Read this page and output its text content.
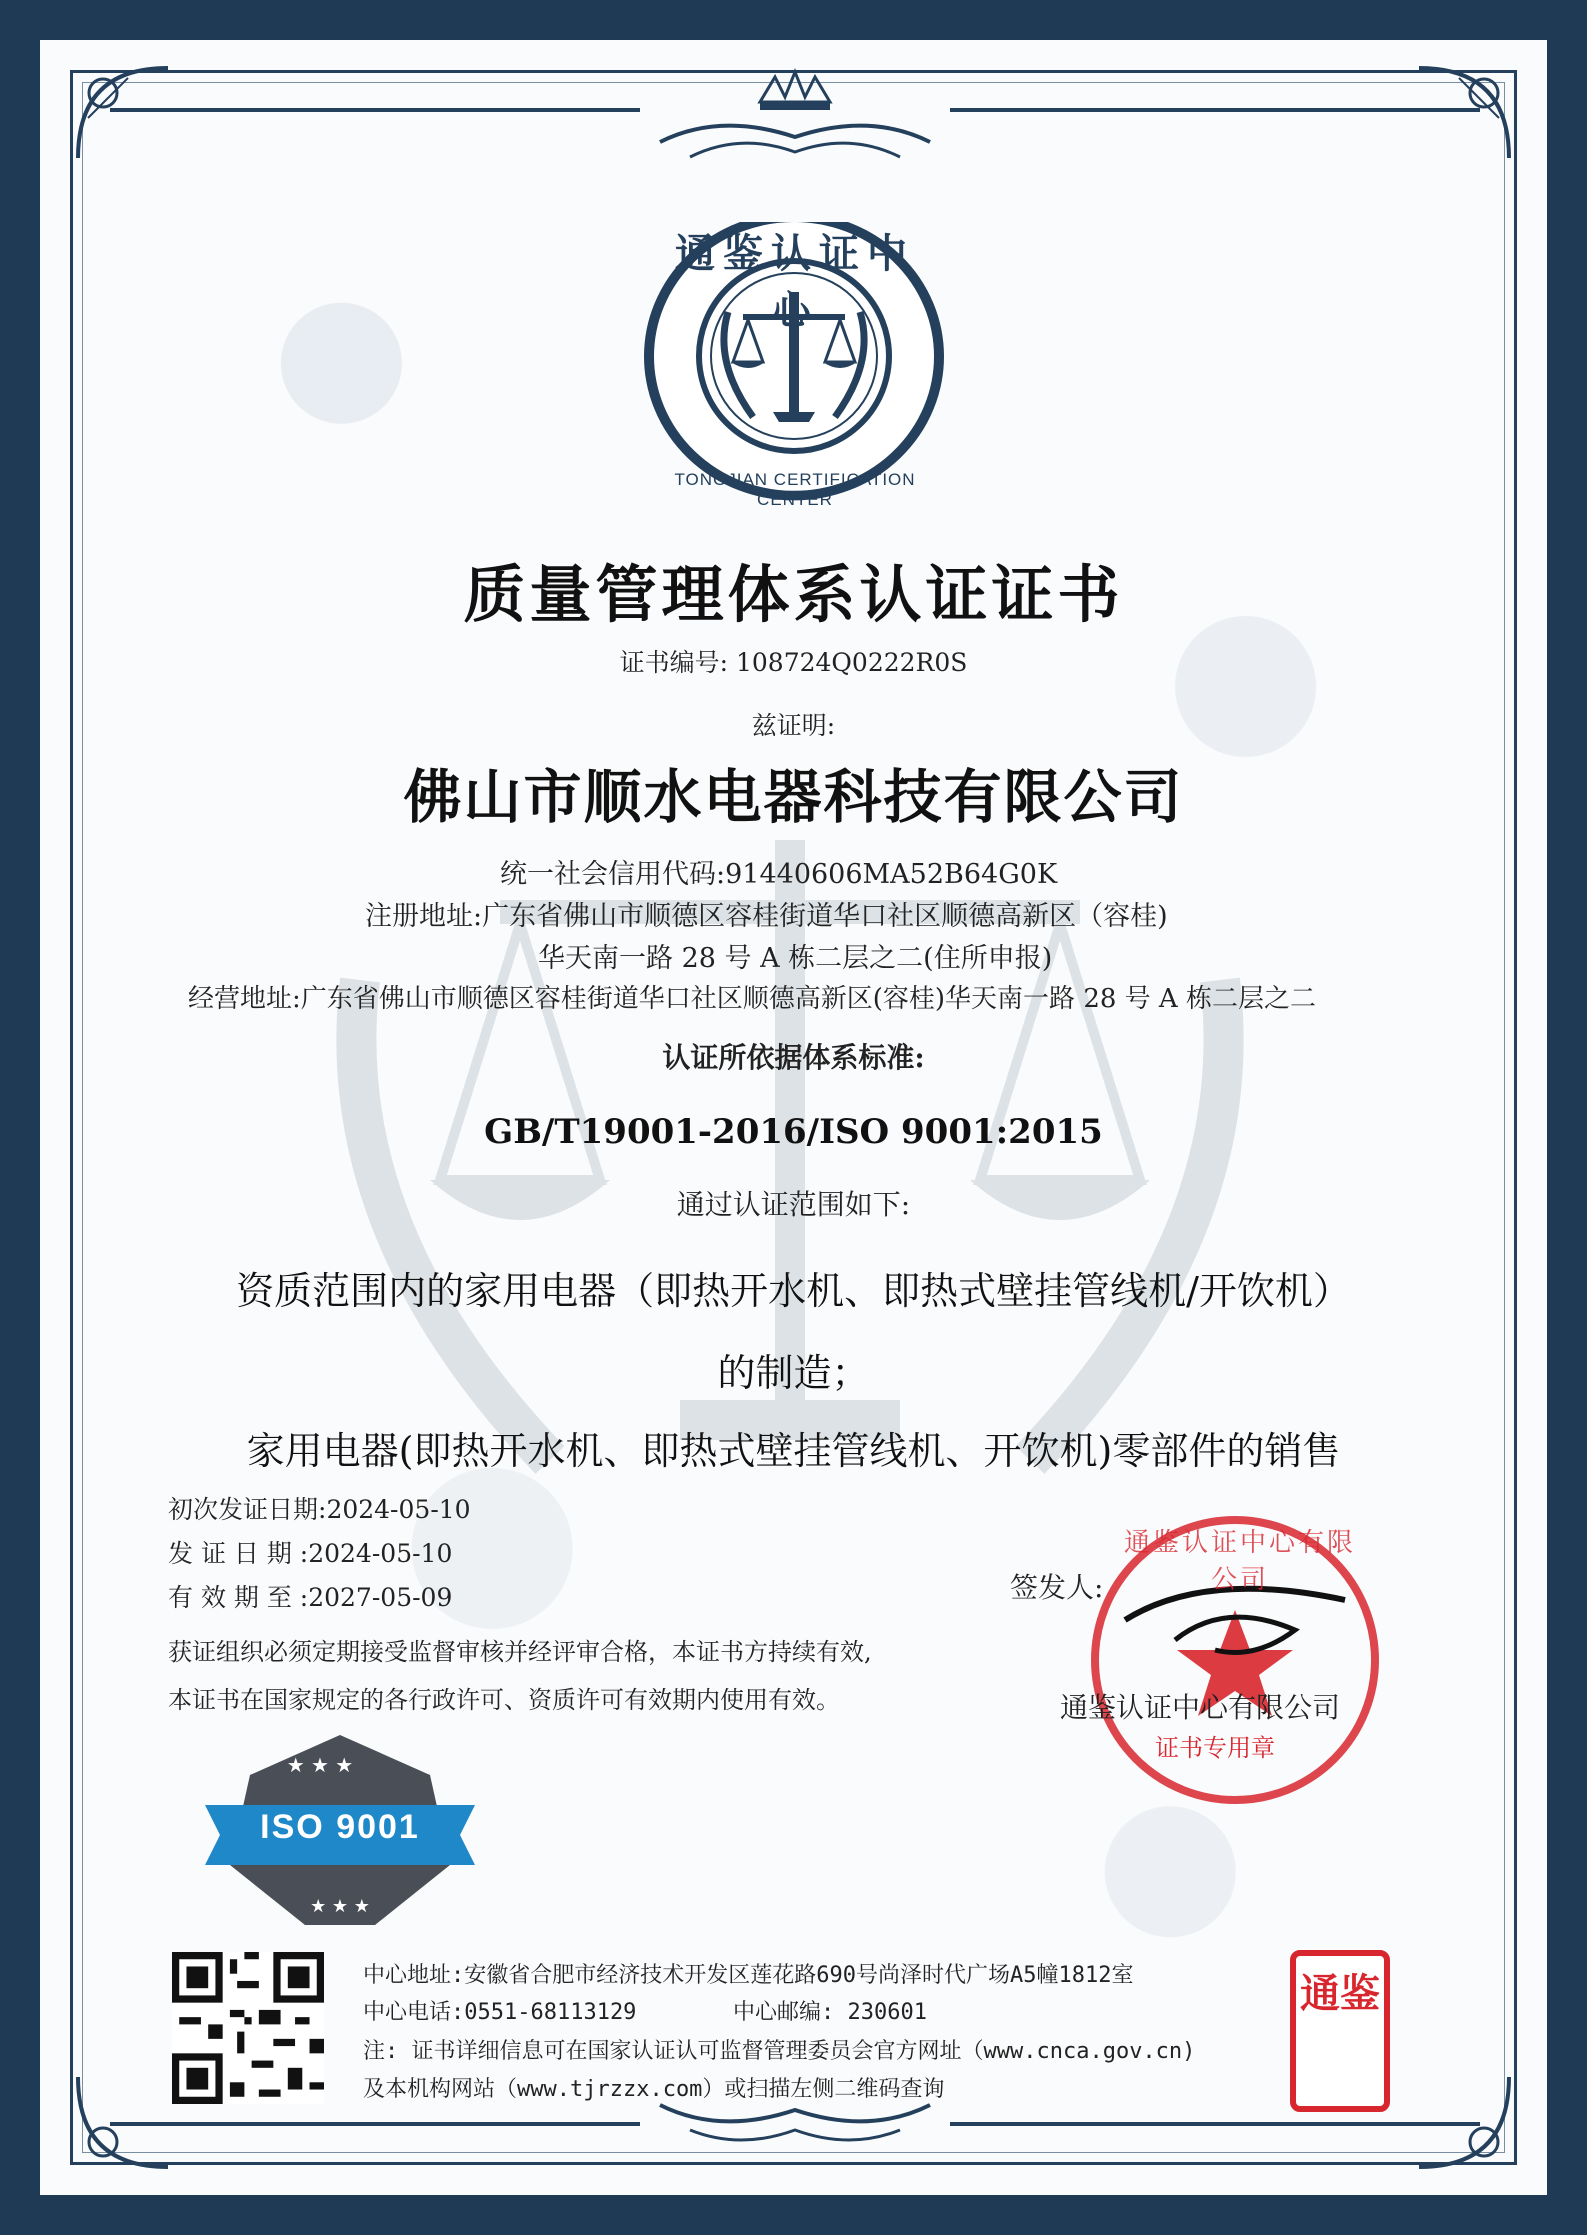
通鉴认证中心
TONGJIAN CERTIFICATION CENTER
质量管理体系认证证书
证书编号: 108724Q0222R0S
兹证明:
佛山市顺水电器科技有限公司
统一社会信用代码:91440606MA52B64G0K
注册地址:广东省佛山市顺德区容桂街道华口社区顺德高新区（容桂)
华天南一路 28 号 A 栋二层之二(住所申报)
经营地址:广东省佛山市顺德区容桂街道华口社区顺德高新区(容桂)华天南一路 28 号 A 栋二层之二
认证所依据体系标准:
GB/T19001-2016/ISO 9001:2015
通过认证范围如下:
资质范围内的家用电器（即热开水机、即热式壁挂管线机/开饮机）
的制造；
家用电器(即热开水机、即热式壁挂管线机、开饮机)零部件的销售
初次发证日期:2024-05-10
发 证 日 期 :2024-05-10
有 效 期 至 :2027-05-09
获证组织必须定期接受监督审核并经评审合格，本证书方持续有效,
本证书在国家规定的各行政许可、资质许可有效期内使用有效。
签发人:
通鉴认证中心有限公司
通鉴认证中心有限公司
证书专用章
★ ★ ★
★ ★ ★
ISO 9001
中心地址:安徽省合肥市经济技术开发区莲花路690号尚泽时代广场A5幢1812室
中心电话:0551-68113129	中心邮编: 230601
注: 证书详细信息可在国家认证认可监督管理委员会官方网址（www.cnca.gov.cn)
及本机构网站（www.tjrzzx.com）或扫描左侧二维码查询
通鉴
